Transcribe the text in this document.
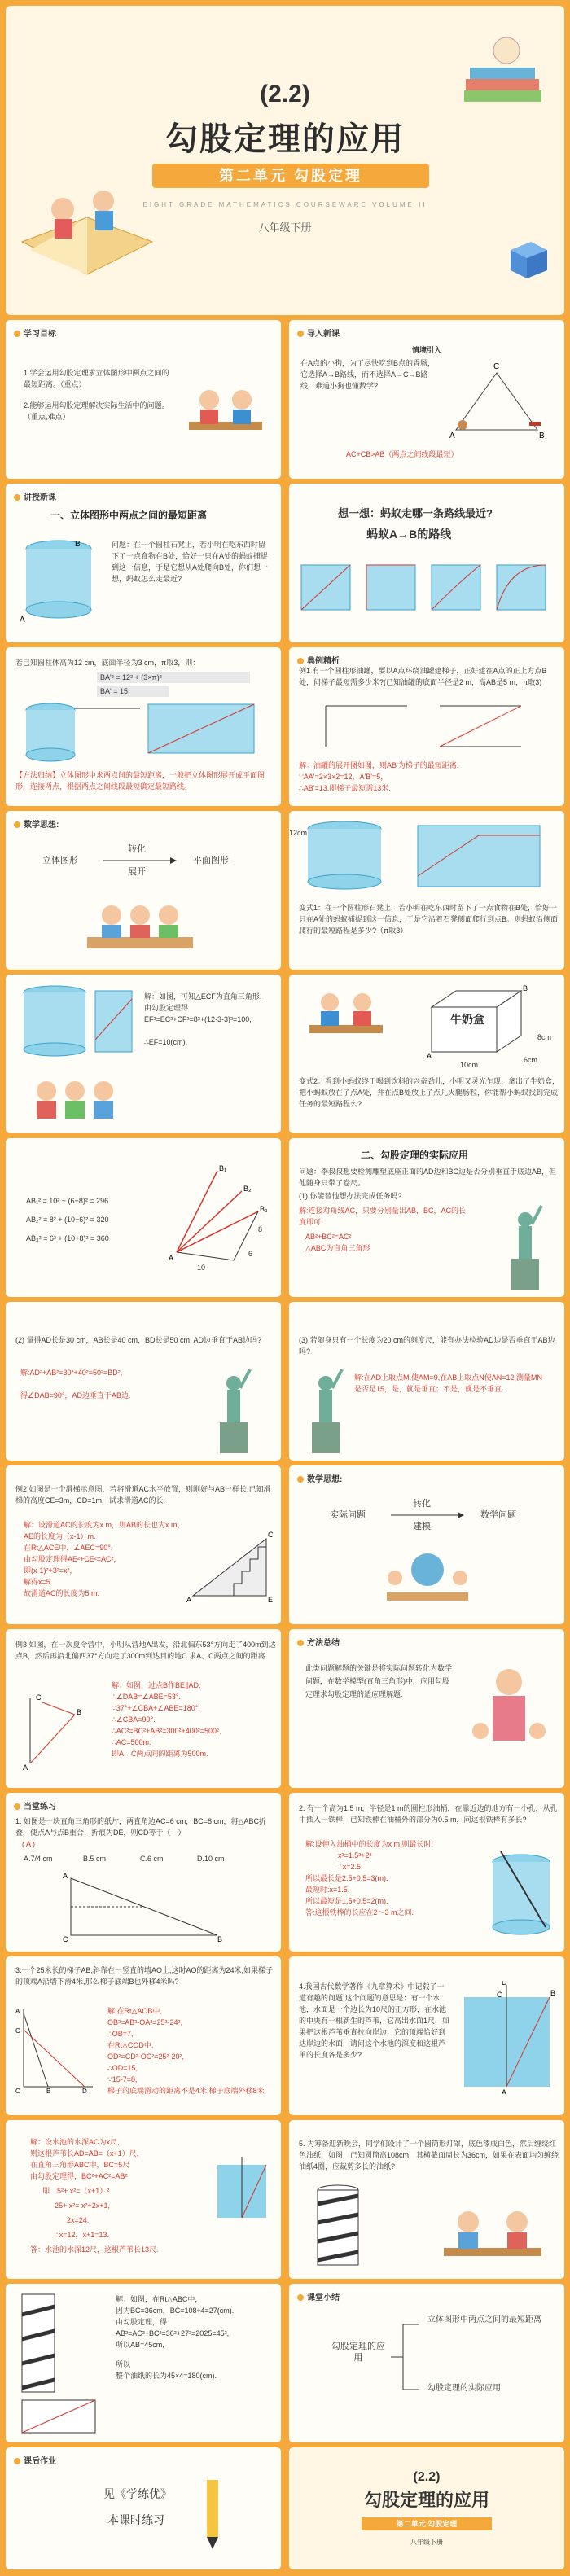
(2.2)
勾股定理的应用
第二单元 勾股定理
EIGHT GRADE MATHEMATICS COURSEWARE VOLUME II
八年级下册
学习目标
1.学会运用勾股定理求立体图形中两点之间的最短距离。（重点）
2.能够运用勾股定理解决实际生活中的问题。（重点,难点）
导入新课
情境引入
在A点的小狗，为了尽快吃到B点的香肠，它选择A→B路线，而不选择A→C→B路线，难道小狗也懂数学?
A	B
C
AC+CB>AB（两点之间线段最短）
讲授新课
一、立体图形中两点之间的最短距离
B
A
问题：在一个圆柱石凳上，若小明在吃东西时留下了一点食物在B处，恰好一只在A处的蚂蚁捕捉到这一信息，于是它想从A处爬向B处，你们想一想，蚂蚁怎么走最近?
想一想：蚂蚁走哪一条路线最近?
蚂蚁A→B的路线
若已知圆柱体高为12 cm，底面半径为3 cm，π取3，则：
BA'² = 12² + (3×π)²
BA' = 15
【方法归纳】立体图形中求两点间的最短距离，一般把立体图形展开成平面图形，连接两点，根据两点之间线段最短确定最短路线。
典例精析
例1 有一个圆柱形油罐，要以A点环绕油罐建梯子，正好建在A点的正上方点B处，问梯子最短需多少米?(已知油罐的底面半径是2 m，高AB是5 m，π取3)
解：油罐的展开图如图，则AB'为梯子的最短距离.
∵AA'=2×3×2=12，A'B'=5，
∴AB'=13.即梯子最短需13米.
数学思想:
立体图形
转化
展开
平面图形
12cm
变式1：在一个圆柱形石凳上，若小明在吃东西时留下了一点食物在B处，恰好一只在A处的蚂蚁捕捉到这一信息，于是它沿着石凳侧面爬行到点B。则蚂蚁沿侧面爬行的最短路程是多少?（π取3）
解：如图，可知△ECF为直角三角形,
由勾股定理得
EF²=EC²+CF²=8²+(12-3-3)²=100,
∴EF=10(cm).
A
B
牛奶盒
8cm
6cm
10cm
变式2：看到小蚂蚁终于喝到饮料的兴奋劲儿，小明又灵光乍现，拿出了牛奶盒，把小蚂蚁放在了点A处，并在点B处放上了点儿火腿肠粒，你能帮小蚂蚁找到完成任务的最短路程么?
AB₁² = 10² + (6+8)² = 296
AB₂² = 8² + (10+6)² = 320
AB₃² = 6² + (10+8)² = 360
A
B₁
B₂
B₃
10
6
8
二、勾股定理的实际应用
问题：李叔叔想要检测雕塑底座正面的AD边和BC边是否分别垂直于底边AB，但他随身只带了卷尺。
(1) 你能替他想办法完成任务吗?
解:连接对角线AC，只要分别量出AB，BC，AC的长度即可.
AB²+BC²=AC²
△ABC为直角三角形
(2) 量得AD长是30 cm，AB长是40 cm，BD长是50 cm. AD边垂直于AB边吗?
解:AD²+AB²=30²+40²=50²=BD²,
得∠DAB=90°，AD边垂直于AB边.
(3) 若随身只有一个长度为20 cm的刻度尺，能有办法检验AD边是否垂直于AB边吗?
解:在AD上取点M,使AM=9,在AB上取点N使AN=12,测量MN是否是15，是，就是垂直；不是，就是不垂直.
例2 如图是一个滑梯示意图，若将滑道AC水平放置，则刚好与AB一样长.已知滑梯的高度CE=3m，CD=1m，试求滑道AC的长.
解：设滑道AC的长度为x m，则AB的长也为x m，AE的长度为（x-1）m.
在Rt△ACE中，∠AEC=90°，
由勾股定理得AE²+CE²=AC²，
即(x-1)²+3²=x²，
解得x=5.
故滑道AC的长度为5 m.
A
C
E
数学思想:
实际问题
转化
建模
数学问题
例3 如图，在一次夏令营中，小明从营地A出发，沿北偏东53°方向走了400m到达点B，然后再沿北偏西37°方向走了300m到达目的地C.求A、C两点之间的距离.
A
B
C
解：如图，过点B作BE∥AD.
∴∠DAB=∠ABE=53°.
∵37°+∠CBA+∠ABE=180°,
∴∠CBA=90°.
∴AC²=BC²+AB²=300²+400²=500²,
∴AC=500m.
即A，C两点间的距离为500m.
方法总结
此类问题解题的关键是将实际问题转化为数学问题，在数学模型(直角三角形)中，应用勾股定理求勾股定理的适应理解题.
当堂练习
1. 如图是一块直角三角形的纸片，两直角边AC=6 cm，BC=8 cm，将△ABC折叠，使点A与点B重合，折痕为DE，则CD等于（　）
( A )
A.7/4 cm	B.5 cm	C.6 cm	D.10 cm
A
C	B
2. 有一个高为1.5 m，半径是1 m的圆柱形油桶，在靠近边的地方有一小孔，从孔中插入一铁棒，已知铁棒在油桶外的部分为0.5 m，问这根铁棒有多长?
解:设伸入油桶中的长度为x m,则最长时:
x²=1.5²+2²
∴x=2.5
所以最长是2.5+0.5=3(m).
最短时:x=1.5.
所以最短是1.5+0.5=2(m).
答:这根铁棒的长应在2～3 m之间.
3.一个25米长的梯子AB,斜靠在一竖直的墙AO上,这时AO的距离为24米,如果梯子的顶端A沿墙下滑4米,那么梯子底端B也外移4米吗?
A
C
O	B	D
解:在Rt△AOB中,
OB²=AB²-OA²=25²-24²,
∴OB=7,
在Rt△COD中,
OD²=CD²-OC²=25²-20²,
∴OD=15,
∵15-7=8,
梯子的底端滑动的距离不是4米,梯子底端外移8米
4.我国古代数学著作《九章算术》中记载了一道有趣的问题.这个问题的意思是：有一个水池，水面是一个边长为10尺的正方形，在水池的中央有一根新生的芦苇，它高出水面1尺，如果把这根芦苇垂直拉向岸边，它的顶端恰好到达岸边的水面，请问这个水池的深度和这根芦苇的长度各是多少?
D
B
A
C
解：设水池的水深AC为x尺,
则这根芦苇长AD=AB=（x+1）尺,
在直角三角形ABC中，BC=5尺
由勾股定理得，BC²+AC²=AB²
即　5²+ x²=（x+1）²
25+ x²= x²+2x+1,
2x=24,
∴x=12，x+1=13.
答：水池的水深12尺，这根芦苇长13尺.
5. 为筹备迎新晚会，同学们设计了一个圆筒形灯罩，底色漆成白色，然后缠绕红色油纸，如图，已知圆筒高108cm，其横截面周长为36cm，如果在表面均匀缠绕油纸4圈，应裁剪多长的油纸?
解：如图，在Rt△ABC中，
因为BC=36cm，BC=108÷4=27(cm).
由勾股定理，得
AB²=AC²+BC²=36²+27²=2025=45²,
所以AB=45cm,
所以
整个油纸的长为45×4=180(cm).
课堂小结
勾股定理的应用
立体图形中两点之间的最短距离
勾股定理的实际应用
课后作业
见《学练优》
本课时练习
(2.2)
勾股定理的应用
第二单元 勾股定理
八年级下册
